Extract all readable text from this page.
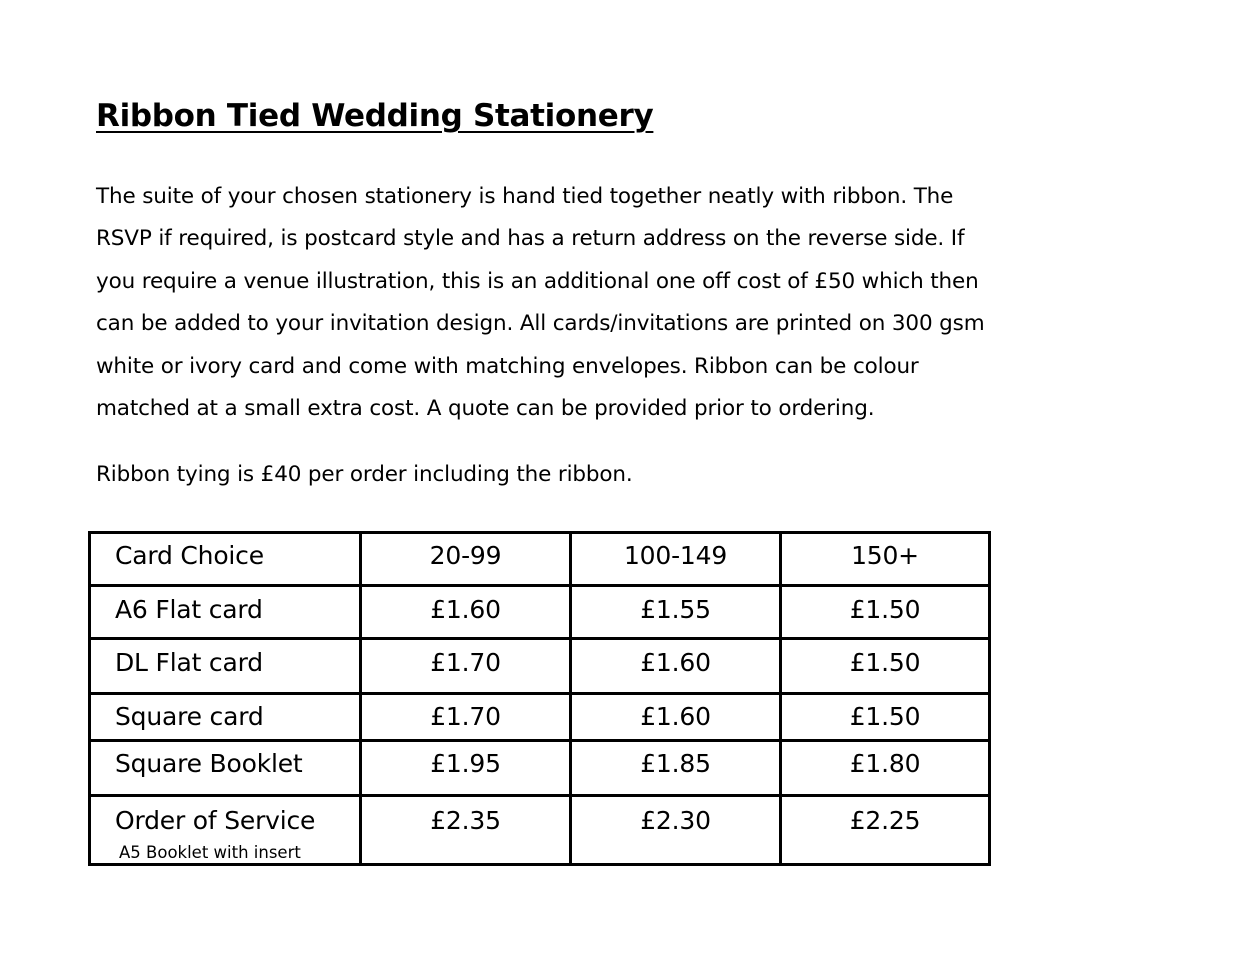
Ribbon Tied Wedding Stationery

The suite of your chosen stationery is hand tied together neatly with ribbon. The
RSVP if required, is postcard style and has a return address on the reverse side. If
you require a venue illustration, this is an additional one off cost of £50 which then
can be added to your invitation design. All cards/invitations are printed on 300 gsm
white or ivory card and come with matching envelopes. Ribbon can be colour
matched at a small extra cost. A quote can be provided prior to ordering.

Ribbon tying is £40 per order including the ribbon.

Card Choice	20-99	100-149	150+

A6 Flat card	£1.60	£1.55	£1.50

DL Flat card	£1.70	£1.60	£1.50

Square card	£1.70	£1.60	£1.50

Square Booklet	£1.95	£1.85	£1.80

Order of Service
A5 Booklet with insert	£2.35	£2.30	£2.25
